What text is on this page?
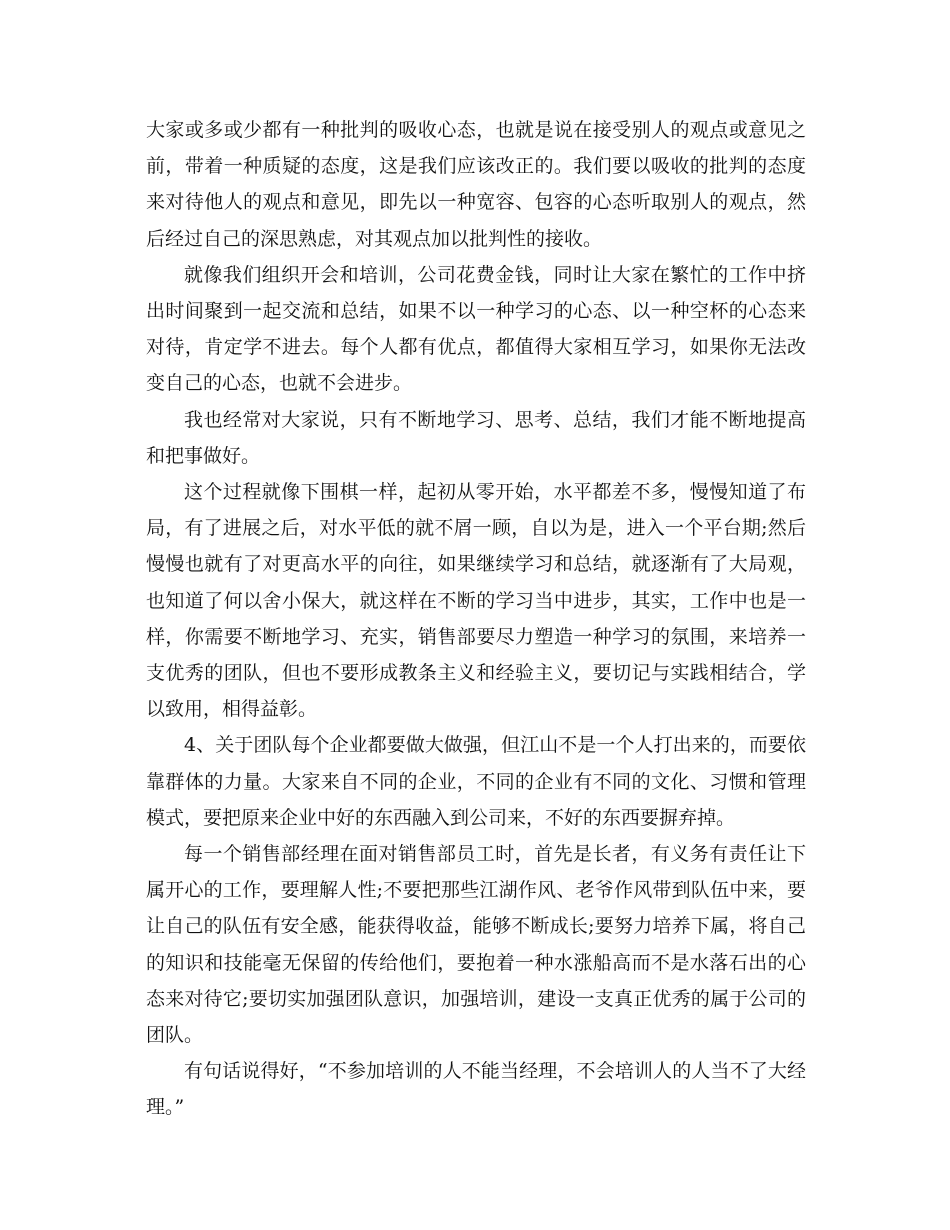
大家或多或少都有一种批判的吸收心态，也就是说在接受别人的观点或意见之前，带着一种质疑的态度，这是我们应该改正的。我们要以吸收的批判的态度来对待他人的观点和意见，即先以一种宽容、包容的心态听取别人的观点，然后经过自己的深思熟虑，对其观点加以批判性的接收。

就像我们组织开会和培训，公司花费金钱，同时让大家在繁忙的工作中挤出时间聚到一起交流和总结，如果不以一种学习的心态、以一种空杯的心态来对待，肯定学不进去。每个人都有优点，都值得大家相互学习，如果你无法改变自己的心态，也就不会进步。

我也经常对大家说，只有不断地学习、思考、总结，我们才能不断地提高和把事做好。

这个过程就像下围棋一样，起初从零开始，水平都差不多，慢慢知道了布局，有了进展之后，对水平低的就不屑一顾，自以为是，进入一个平台期;然后慢慢也就有了对更高水平的向往，如果继续学习和总结，就逐渐有了大局观，也知道了何以舍小保大，就这样在不断的学习当中进步，其实，工作中也是一样，你需要不断地学习、充实，销售部要尽力塑造一种学习的氛围，来培养一支优秀的团队，但也不要形成教条主义和经验主义，要切记与实践相结合，学以致用，相得益彰。

4、关于团队每个企业都要做大做强，但江山不是一个人打出来的，而要依靠群体的力量。大家来自不同的企业，不同的企业有不同的文化、习惯和管理模式，要把原来企业中好的东西融入到公司来，不好的东西要摒弃掉。

每一个销售部经理在面对销售部员工时，首先是长者，有义务有责任让下属开心的工作，要理解人性;不要把那些江湖作风、老爷作风带到队伍中来，要让自己的队伍有安全感，能获得收益，能够不断成长;要努力培养下属，将自己的知识和技能毫无保留的传给他们，要抱着一种水涨船高而不是水落石出的心态来对待它;要切实加强团队意识，加强培训，建设一支真正优秀的属于公司的团队。

有句话说得好，“不参加培训的人不能当经理，不会培训人的人当不了大经理。”
